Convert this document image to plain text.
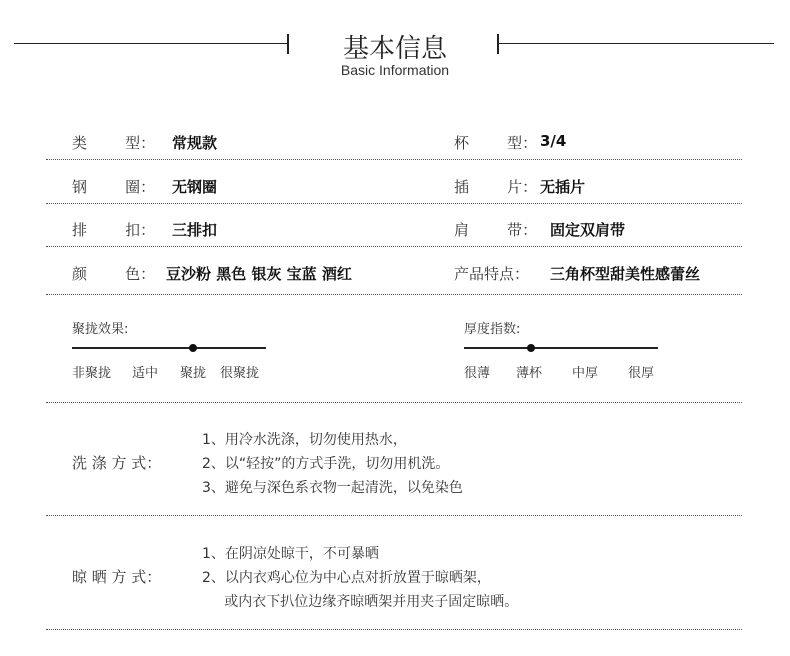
基本信息
Basic Information
类        型： 常规款	杯        型： 3/4
钢        圈： 无钢圈	插        片： 无插片
排        扣： 三排扣	肩        带： 固定双肩带
颜        色： 豆沙粉 黑色 银灰 宝蓝 酒红	产品特点： 三角杯型甜美性感蕾丝
聚拢效果:
非聚拢 适中 聚拢 很聚拢
厚度指数:
很薄 薄杯 中厚 很厚
洗 涤 方 式：
1、用冷水洗涤，切勿使用热水，
2、以“轻按”的方式手洗，切勿用机洗。
3、避免与深色系衣物一起清洗，以免染色
晾 晒 方 式：
1、在阴凉处晾干，不可暴晒
2、以内衣鸡心位为中心点对折放置于晾晒架，
或内衣下扒位边缘齐晾晒架并用夹子固定晾晒。
